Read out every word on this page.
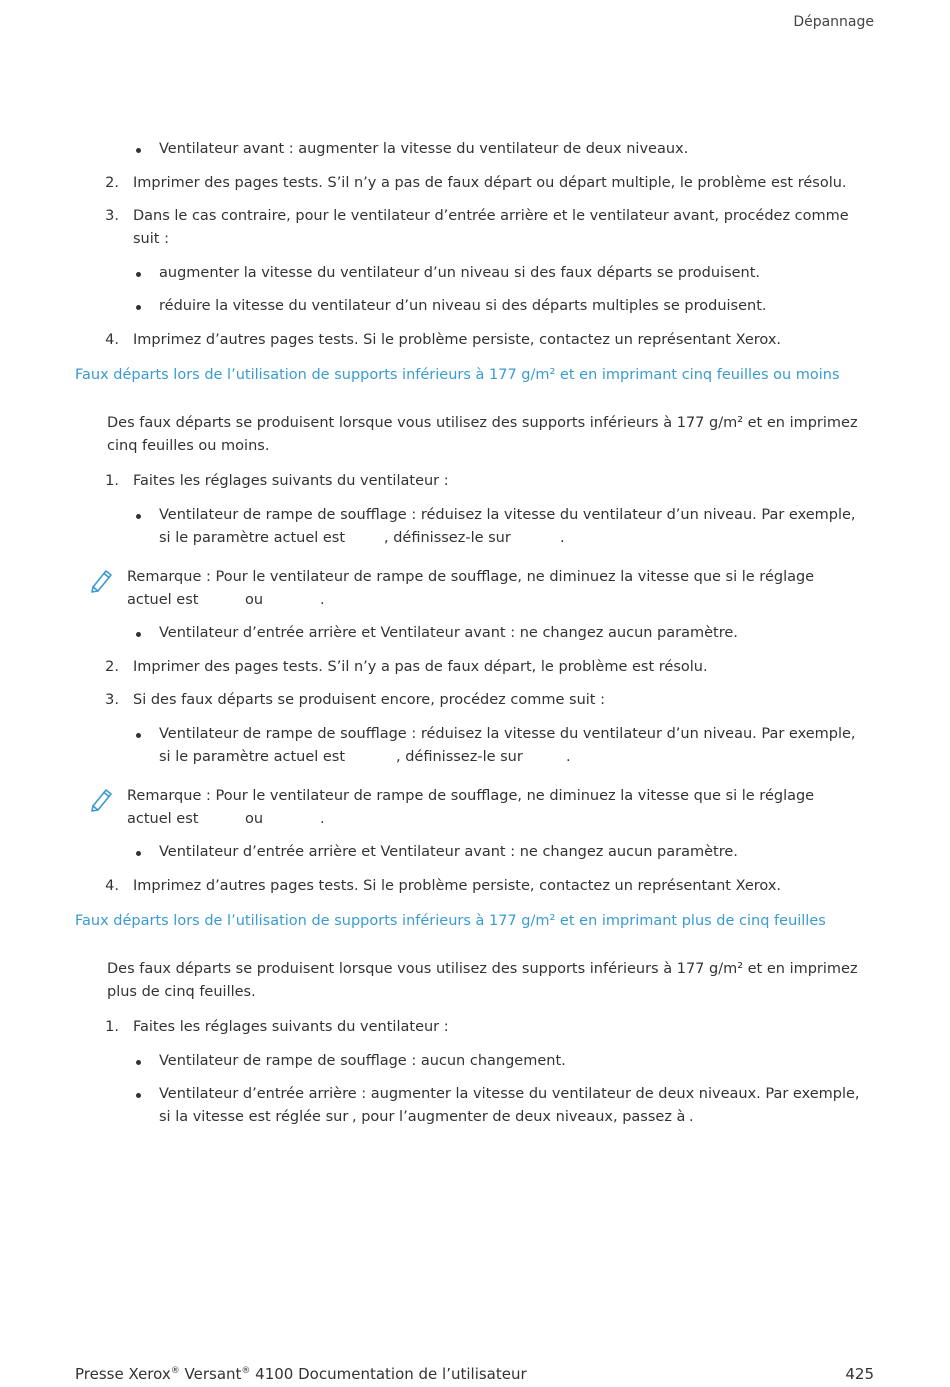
Dépannage
Ventilateur avant : augmenter la vitesse du ventilateur de deux niveaux.
2. Imprimer des pages tests. S’il n’y a pas de faux départ ou départ multiple, le problème est résolu.
3. Dans le cas contraire, pour le ventilateur d’entrée arrière et le ventilateur avant, procédez comme
suit :
augmenter la vitesse du ventilateur d’un niveau si des faux départs se produisent.
réduire la vitesse du ventilateur d’un niveau si des départs multiples se produisent.
4. Imprimez d’autres pages tests. Si le problème persiste, contactez un représentant Xerox.
Faux départs lors de l’utilisation de supports inférieurs à 177 g/m² et en imprimant cinq feuilles ou moins
Des faux départs se produisent lorsque vous utilisez des supports inférieurs à 177 g/m² et en imprimez
cinq feuilles ou moins.
1. Faites les réglages suivants du ventilateur :
Ventilateur de rampe de soufflage : réduisez la vitesse du ventilateur d’un niveau. Par exemple,
si le paramètre actuel est	, définissez-le sur	.
Remarque : Pour le ventilateur de rampe de soufflage, ne diminuez la vitesse que si le réglage
actuel est	ou	.
Ventilateur d’entrée arrière et Ventilateur avant : ne changez aucun paramètre.
2. Imprimer des pages tests. S’il n’y a pas de faux départ, le problème est résolu.
3. Si des faux départs se produisent encore, procédez comme suit :
Ventilateur de rampe de soufflage : réduisez la vitesse du ventilateur d’un niveau. Par exemple,
si le paramètre actuel est	, définissez-le sur	.
Remarque : Pour le ventilateur de rampe de soufflage, ne diminuez la vitesse que si le réglage
actuel est	ou	.
Ventilateur d’entrée arrière et Ventilateur avant : ne changez aucun paramètre.
4. Imprimez d’autres pages tests. Si le problème persiste, contactez un représentant Xerox.
Faux départs lors de l’utilisation de supports inférieurs à 177 g/m² et en imprimant plus de cinq feuilles
Des faux départs se produisent lorsque vous utilisez des supports inférieurs à 177 g/m² et en imprimez
plus de cinq feuilles.
1. Faites les réglages suivants du ventilateur :
Ventilateur de rampe de soufflage : aucun changement.
Ventilateur d’entrée arrière : augmenter la vitesse du ventilateur de deux niveaux. Par exemple,
si la vitesse est réglée sur , pour l’augmenter de deux niveaux, passez à .
Presse Xerox® Versant® 4100 Documentation de l’utilisateur	425
